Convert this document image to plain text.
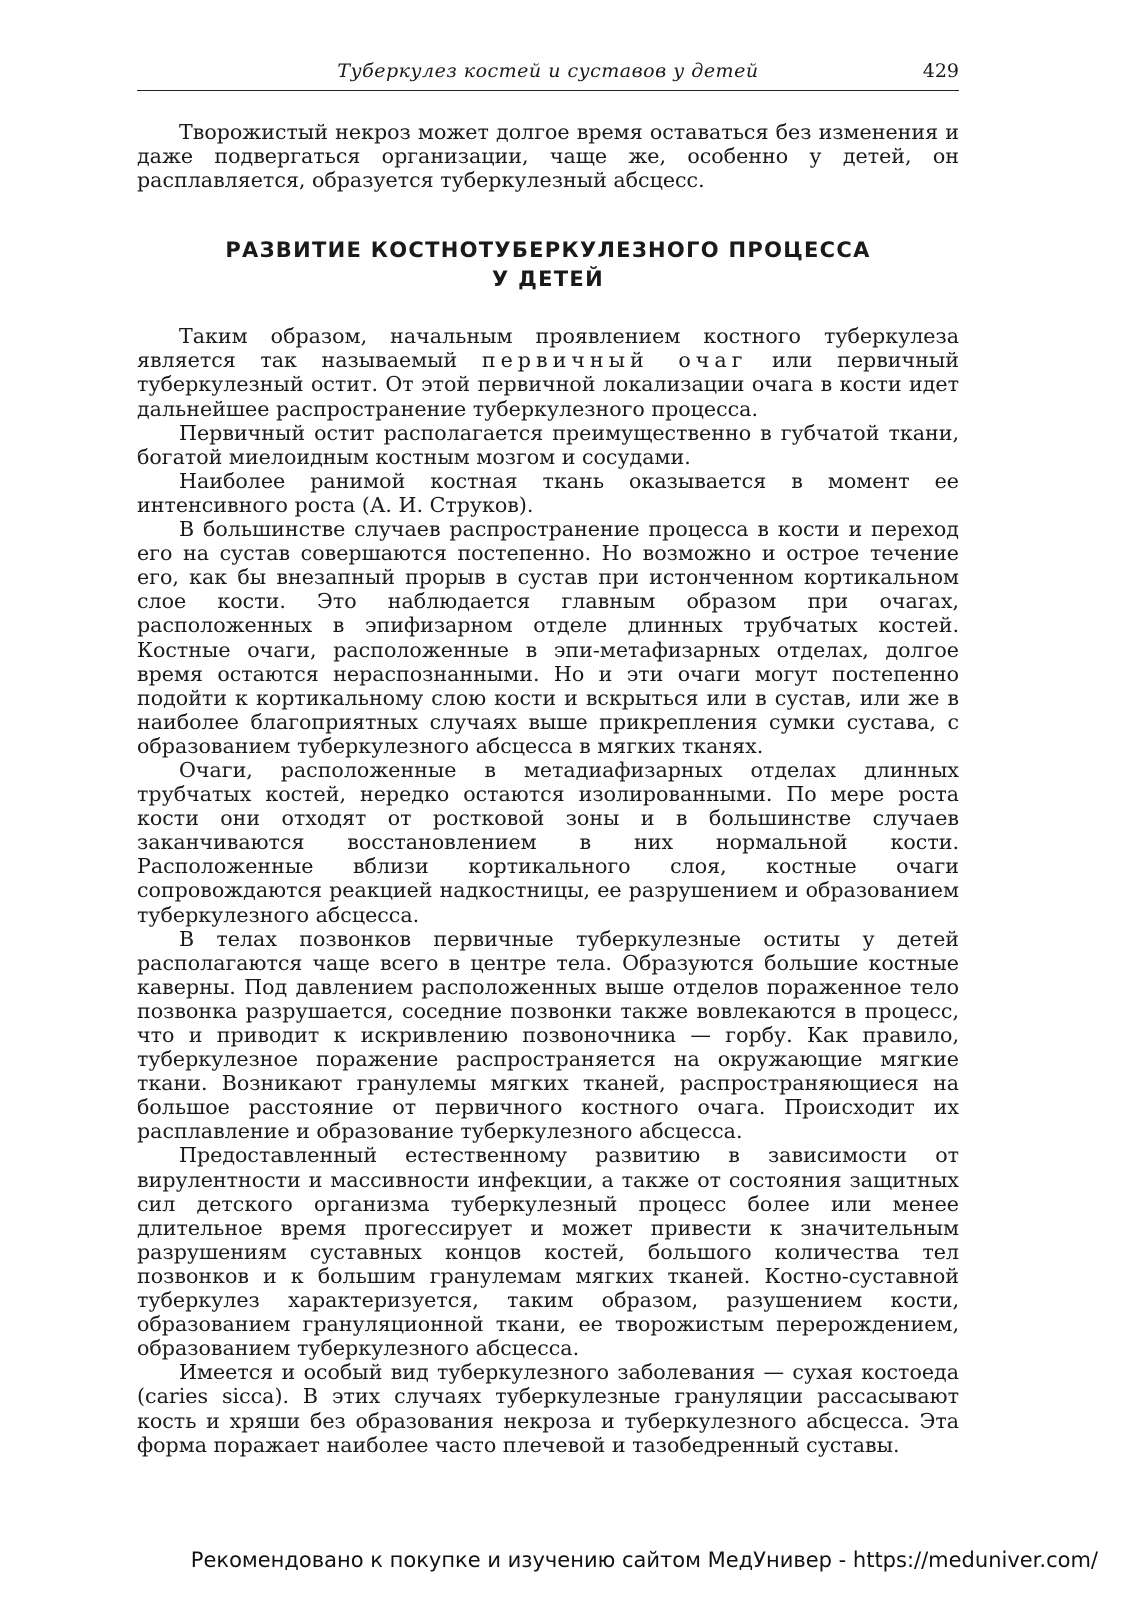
Туберкулез костей и суставов у детей	429

Творожистый некроз может долгое время оставаться без изменения и даже подвергаться организации, чаще же, особенно у детей, он расплавляется, образуется туберкулезный абсцесс.

РАЗВИТИЕ КОСТНОТУБЕРКУЛЕЗНОГО ПРОЦЕССА
У ДЕТЕЙ

Таким образом, начальным проявлением костного туберкулеза является так называемый первичный очаг или первичный туберкулезный остит. От этой первичной локализации очага в кости идет дальнейшее распространение туберкулезного процесса.

Первичный остит располагается преимущественно в губчатой ткани, богатой миелоидным костным мозгом и сосудами.

Наиболее ранимой костная ткань оказывается в момент ее интенсивного роста (А. И. Струков).

В большинстве случаев распространение процесса в кости и переход его на сустав совершаются постепенно. Но возможно и острое течение его, как бы внезапный прорыв в сустав при истонченном кортикальном слое кости. Это наблюдается главным образом при очагах, расположенных в эпифизарном отделе длинных трубчатых костей. Костные очаги, расположенные в эпи-метафизарных отделах, долгое время остаются нераспознанными. Но и эти очаги могут постепенно подойти к кортикальному слою кости и вскрыться или в сустав, или же в наиболее благоприятных случаях выше прикрепления сумки сустава, с образованием туберкулезного абсцесса в мягких тканях.

Очаги, расположенные в метадиафизарных отделах длинных трубчатых костей, нередко остаются изолированными. По мере роста кости они отходят от ростковой зоны и в большинстве случаев заканчиваются восстановлением в них нормальной кости. Расположенные вблизи кортикального слоя, костные очаги сопровождаются реакцией надкостницы, ее разрушением и образованием туберкулезного абсцесса.

В телах позвонков первичные туберкулезные оститы у детей располагаются чаще всего в центре тела. Образуются большие костные каверны. Под давлением расположенных выше отделов пораженное тело позвонка разрушается, соседние позвонки также вовлекаются в процесс, что и приводит к искривлению позвоночника — горбу. Как правило, туберкулезное поражение распространяется на окружающие мягкие ткани. Возникают гранулемы мягких тканей, распространяющиеся на большое расстояние от первичного костного очага. Происходит их расплавление и образование туберкулезного абсцесса.

Предоставленный естественному развитию в зависимости от вирулентности и массивности инфекции, а также от состояния защитных сил детского организма туберкулезный процесс более или менее длительное время прогессирует и может привести к значительным разрушениям суставных концов костей, большого количества тел позвонков и к большим гранулемам мягких тканей. Костно-суставной туберкулез характеризуется, таким образом, разушением кости, образованием грануляционной ткани, ее творожистым перерождением, образованием туберкулезного абсцесса.

Имеется и особый вид туберкулезного заболевания — сухая костоеда (caries sicca). В этих случаях туберкулезные грануляции рассасывают кость и хряши без образования некроза и туберкулезного абсцесса. Эта форма поражает наиболее часто плечевой и тазобедренный суставы.

Рекомендовано к покупке и изучению сайтом МедУнивер - https://meduniver.com/
